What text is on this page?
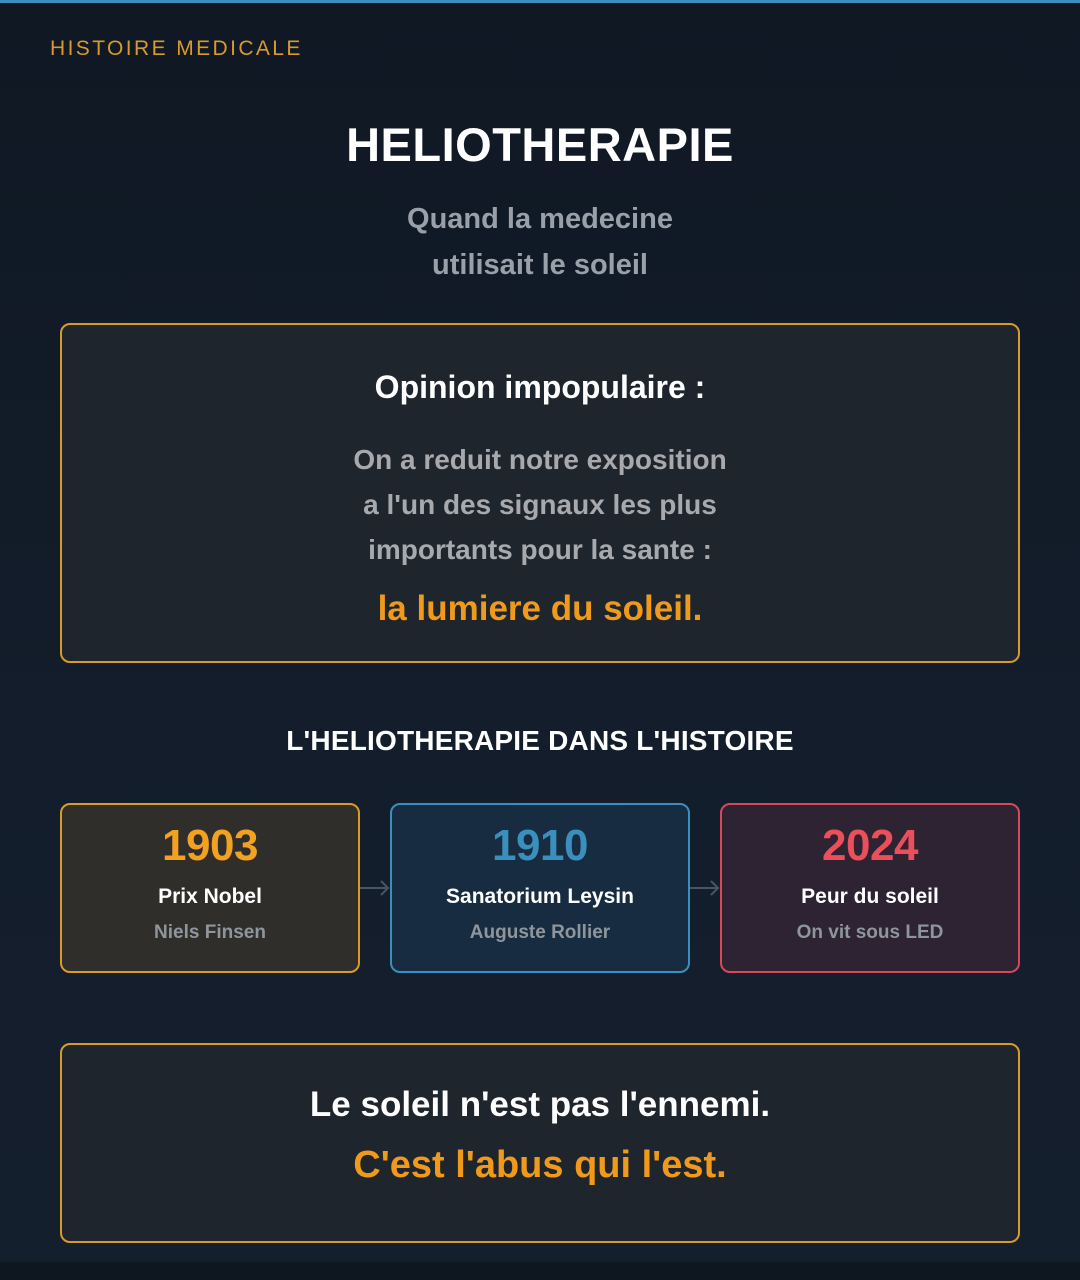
HISTOIRE MEDICALE
HELIOTHERAPIE
Quand la medecine
utilisait le soleil
Opinion impopulaire :
On a reduit notre exposition
a l'un des signaux les plus
importants pour la sante :
la lumiere du soleil.
L'HELIOTHERAPIE DANS L'HISTOIRE
1903
Prix Nobel
Niels Finsen
1910
Sanatorium Leysin
Auguste Rollier
2024
Peur du soleil
On vit sous LED
Le soleil n'est pas l'ennemi.
C'est l'abus qui l'est.
